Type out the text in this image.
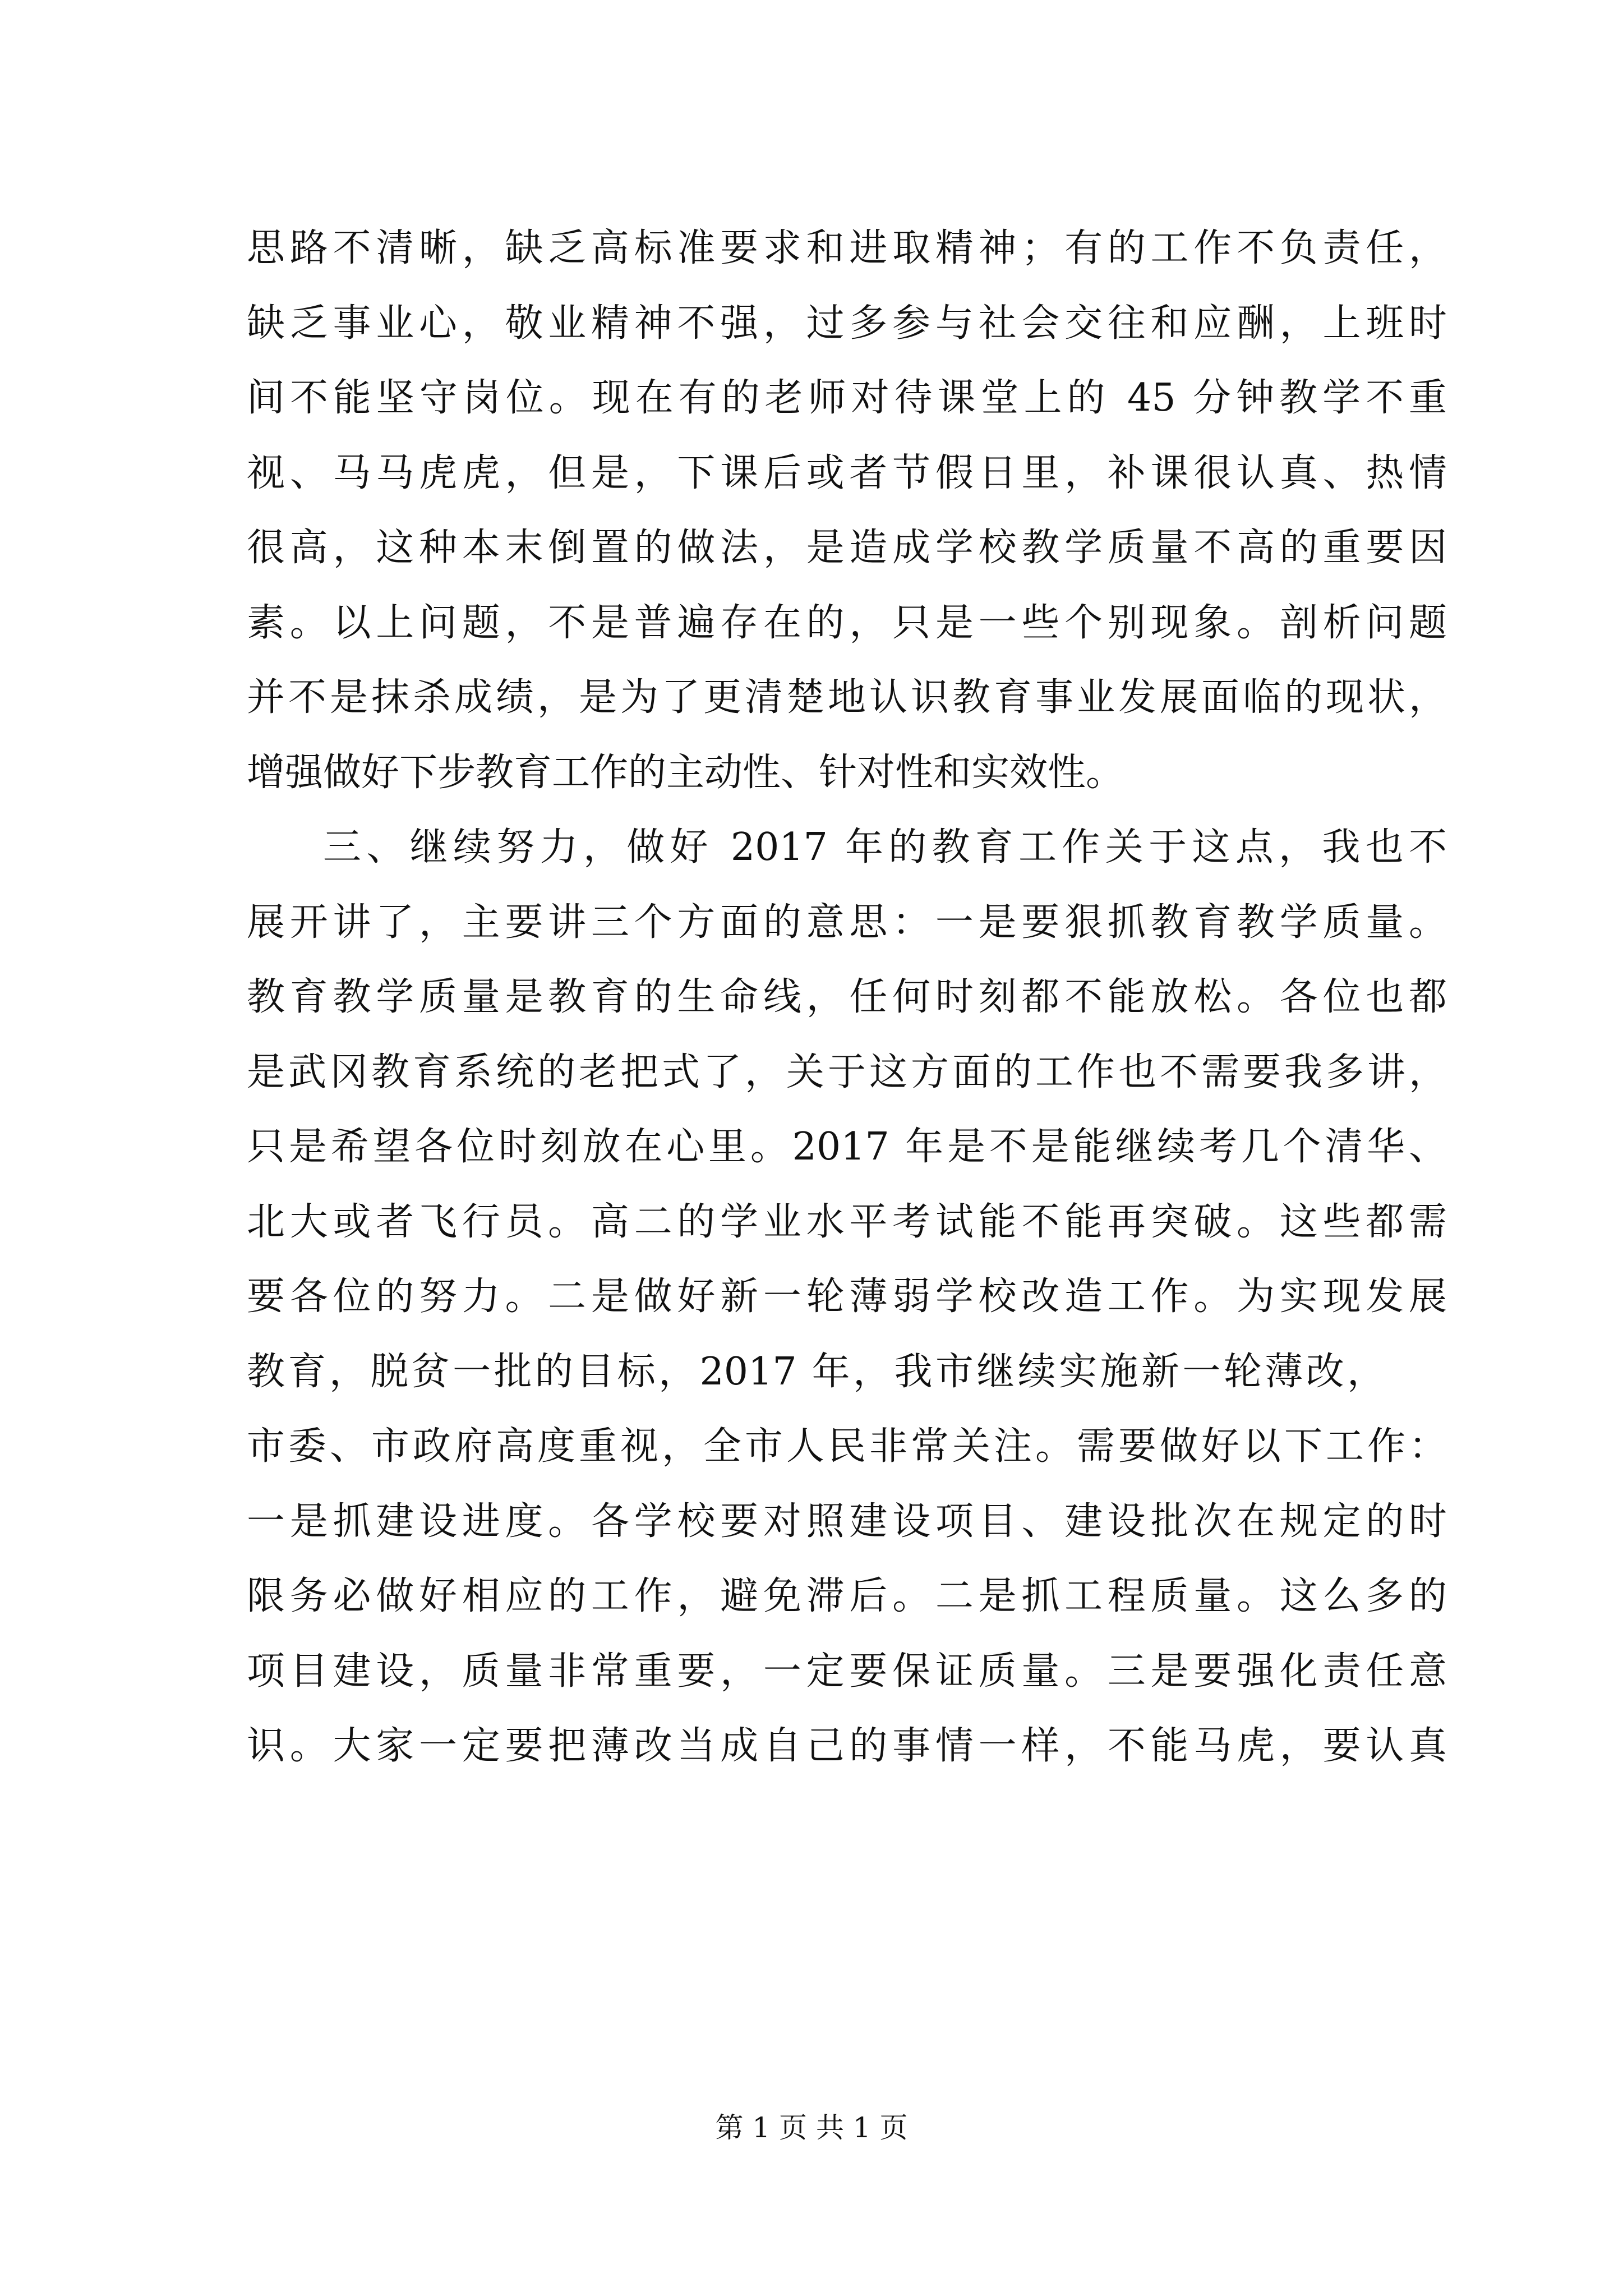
思路不清晰，缺乏高标准要求和进取精神；有的工作不负责任，
缺乏事业心，敬业精神不强，过多参与社会交往和应酬，上班时
间不能坚守岗位。现在有的老师对待课堂上的 45 分钟教学不重
视、马马虎虎，但是，下课后或者节假日里，补课很认真、热情
很高，这种本末倒置的做法，是造成学校教学质量不高的重要因
素。以上问题，不是普遍存在的，只是一些个别现象。剖析问题
并不是抹杀成绩，是为了更清楚地认识教育事业发展面临的现状，
增强做好下步教育工作的主动性、针对性和实效性。
三、继续努力，做好 2017 年的教育工作关于这点，我也不
展开讲了，主要讲三个方面的意思：一是要狠抓教育教学质量。
教育教学质量是教育的生命线，任何时刻都不能放松。各位也都
是武冈教育系统的老把式了，关于这方面的工作也不需要我多讲，
只是希望各位时刻放在心里。2017 年是不是能继续考几个清华、
北大或者飞行员。高二的学业水平考试能不能再突破。这些都需
要各位的努力。二是做好新一轮薄弱学校改造工作。为实现发展
教育，脱贫一批的目标，2017 年，我市继续实施新一轮薄改，
市委、市政府高度重视，全市人民非常关注。需要做好以下工作：
一是抓建设进度。各学校要对照建设项目、建设批次在规定的时
限务必做好相应的工作，避免滞后。二是抓工程质量。这么多的
项目建设，质量非常重要，一定要保证质量。三是要强化责任意
识。大家一定要把薄改当成自己的事情一样，不能马虎，要认真
第 1 页 共 1 页
